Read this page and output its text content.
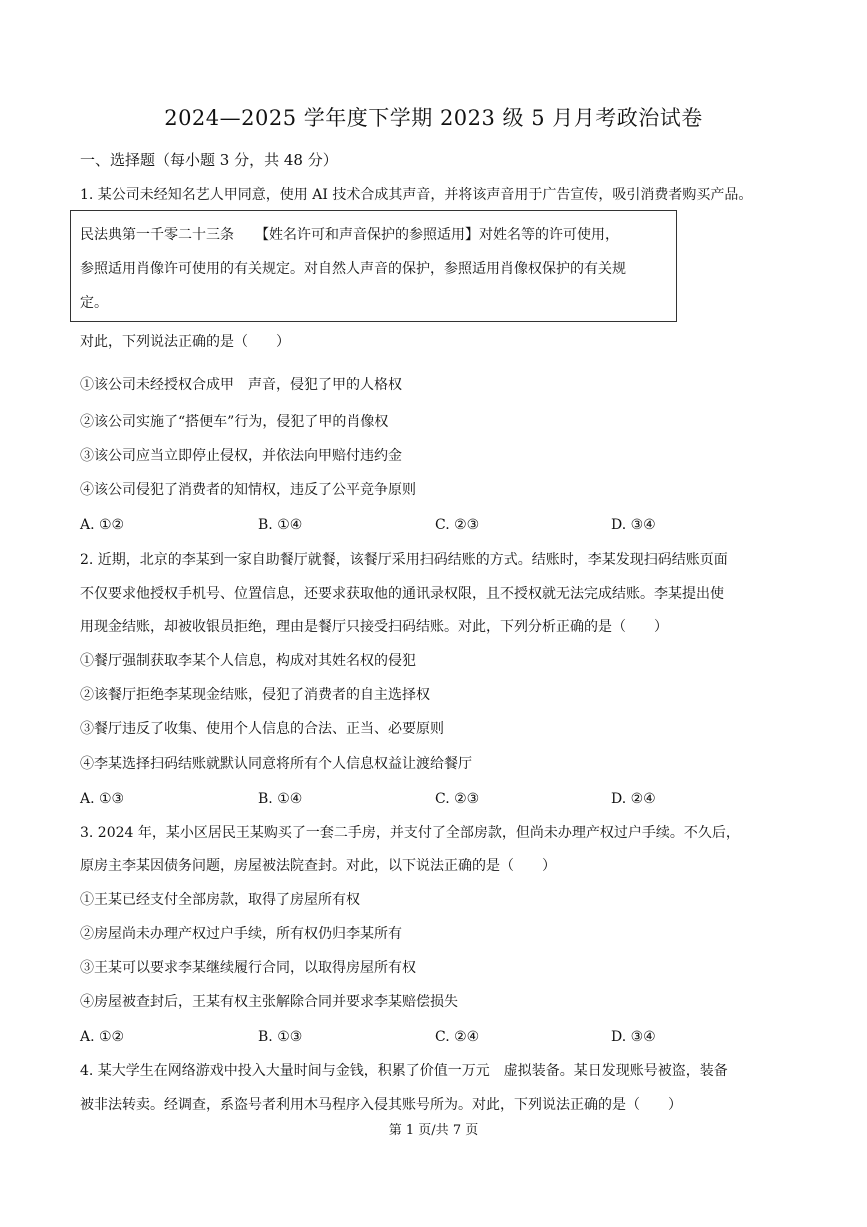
2024—2025 学年度下学期 2023 级 5 月月考政治试卷
一、选择题（每小题 3 分，共 48 分）
1. 某公司未经知名艺人甲同意，使用 AI 技术合成其声音，并将该声音用于广告宣传，吸引消费者购买产品。
民法典第一千零二十三条　　【姓名许可和声音保护的参照适用】对姓名等的许可使用，
参照适用肖像许可使用的有关规定。对自然人声音的保护，参照适用肖像权保护的有关规
定。
对此，下列说法正确的是（　　）
①该公司未经授权合成甲　声音，侵犯了甲的人格权
②该公司实施了“搭便车”行为，侵犯了甲的肖像权
③该公司应当立即停止侵权，并依法向甲赔付违约金
④该公司侵犯了消费者的知情权，违反了公平竞争原则
A. ①②	B. ①④	C. ②③	D. ③④
2. 近期，北京的李某到一家自助餐厅就餐，该餐厅采用扫码结账的方式。结账时，李某发现扫码结账页面
不仅要求他授权手机号、位置信息，还要求获取他的通讯录权限，且不授权就无法完成结账。李某提出使
用现金结账，却被收银员拒绝，理由是餐厅只接受扫码结账。对此，下列分析正确的是（　　）
①餐厅强制获取李某个人信息，构成对其姓名权的侵犯
②该餐厅拒绝李某现金结账，侵犯了消费者的自主选择权
③餐厅违反了收集、使用个人信息的合法、正当、必要原则
④李某选择扫码结账就默认同意将所有个人信息权益让渡给餐厅
A. ①③	B. ①④	C. ②③	D. ②④
3. 2024 年，某小区居民王某购买了一套二手房，并支付了全部房款，但尚未办理产权过户手续。不久后，
原房主李某因债务问题，房屋被法院查封。对此，以下说法正确的是（　　）
①王某已经支付全部房款，取得了房屋所有权
②房屋尚未办理产权过户手续，所有权仍归李某所有
③王某可以要求李某继续履行合同，以取得房屋所有权
④房屋被查封后，王某有权主张解除合同并要求李某赔偿损失
A. ①②	B. ①③	C. ②④	D. ③④
4. 某大学生在网络游戏中投入大量时间与金钱，积累了价值一万元　虚拟装备。某日发现账号被盗，装备
被非法转卖。经调查，系盗号者利用木马程序入侵其账号所为。对此，下列说法正确的是（　　）
第 1 页/共 7 页
